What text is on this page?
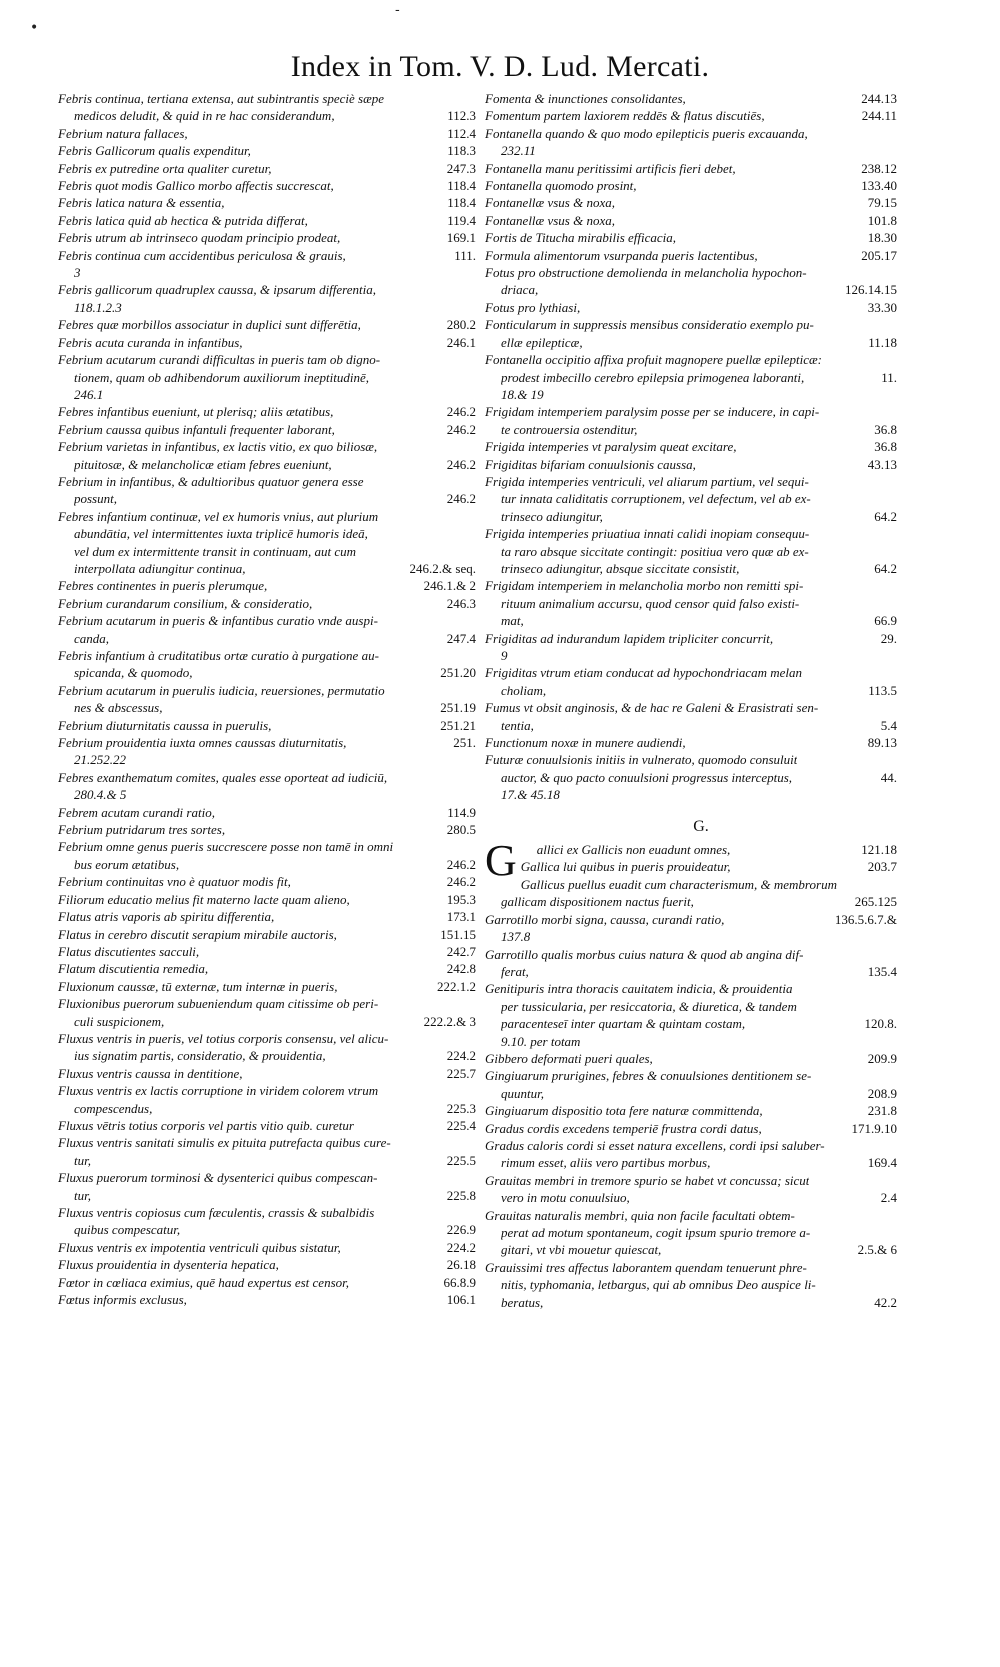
•
-
Index in Tom. V. D. Lud. Mercati.
Febris continua, tertiana extensa, aut subintrantis speciè sæpe
medicos deludit, & quid in re hac considerandum,	112.3
Febrium natura fallaces,	112.4
Febris Gallicorum qualis expenditur,	118.3
Febris ex putredine orta qualiter curetur,	247.3
Febris quot modis Gallico morbo affectis succrescat,	118.4
Febris latica natura & essentia,	118.4
Febris latica quid ab hectica & putrida differat,	119.4
Febris utrum ab intrinseco quodam principio prodeat,	169.1
Febris continua cum accidentibus periculosa & grauis,	111.
3
Febris gallicorum quadruplex caussa, & ipsarum differentia,
118.1.2.3
Febres quæ morbillos associatur in duplici sunt differētia,	280.2
Febris acuta curanda in infantibus,	246.1
Febrium acutarum curandi difficultas in pueris tam ob digno-
tionem, quam ob adhibendorum auxiliorum ineptitudinē,
246.1
Febres infantibus eueniunt, ut plerisq; aliis ætatibus,	246.2
Febrium caussa quibus infantuli frequenter laborant,	246.2
Febrium varietas in infantibus, ex lactis vitio, ex quo biliosæ,
pituitosæ, & melancholicæ etiam febres eueniunt,	246.2
Febrium in infantibus, & adultioribus quatuor genera esse
possunt,	246.2
Febres infantium continuæ, vel ex humoris vnius, aut plurium
abundātia, vel intermittentes iuxta triplicē humoris ideā,
vel dum ex intermittente transit in continuam, aut cum
interpollata adiungitur continua,	246.2.& seq.
Febres continentes in pueris plerumque,	246.1.& 2
Febrium curandarum consilium, & consideratio,	246.3
Febrium acutarum in pueris & infantibus curatio vnde auspi-
canda,	247.4
Febris infantium à cruditatibus ortæ curatio à purgatione au-
spicanda, & quomodo,	251.20
Febrium acutarum in puerulis iudicia, reuersiones, permutatio
nes & abscessus,	251.19
Febrium diuturnitatis caussa in puerulis,	251.21
Febrium prouidentia iuxta omnes caussas diuturnitatis,	251.
21.252.22
Febres exanthematum comites, quales esse oporteat ad iudiciū,
280.4.& 5
Febrem acutam curandi ratio,	114.9
Febrium putridarum tres sortes,	280.5
Febrium omne genus pueris succrescere posse non tamē in omni
bus eorum ætatibus,	246.2
Febrium continuitas vno è quatuor modis fit,	246.2
Filiorum educatio melius fit materno lacte quam alieno,	195.3
Flatus atris vaporis ab spiritu differentia,	173.1
Flatus in cerebro discutit serapium mirabile auctoris,	151.15
Flatus discutientes sacculi,	242.7
Flatum discutientia remedia,	242.8
Fluxionum caussæ, tū externæ, tum internæ in pueris,	222.1.2
Fluxionibus puerorum subueniendum quam citissime ob peri-
culi suspicionem,	222.2.& 3
Fluxus ventris in pueris, vel totius corporis consensu, vel alicu-
ius signatim partis, consideratio, & prouidentia,	224.2
Fluxus ventris caussa in dentitione,	225.7
Fluxus ventris ex lactis corruptione in viridem colorem vtrum
compescendus,	225.3
Fluxus vētris totius corporis vel partis vitio quib. curetur	225.4
Fluxus ventris sanitati simulis ex pituita putrefacta quibus cure-
tur,	225.5
Fluxus puerorum torminosi & dysenterici quibus compescan-
tur,	225.8
Fluxus ventris copiosus cum fæculentis, crassis & subalbidis
quibus compescatur,	226.9
Fluxus ventris ex impotentia ventriculi quibus sistatur,	224.2
Fluxus prouidentia in dysenteria hepatica,	26.18
Fœtor in cœliaca eximius, quē haud expertus est censor,	66.8.9
Fœtus informis exclusus,	106.1
Fomenta & inunctiones consolidantes,	244.13
Fomentum partem laxiorem reddēs & flatus discutiēs,	244.11
Fontanella quando & quo modo epilepticis pueris excauanda,
232.11
Fontanella manu peritissimi artificis fieri debet,	238.12
Fontanella quomodo prosint,	133.40
Fontanellæ vsus & noxa,	79.15
Fontanellæ vsus & noxa,	101.8
Fortis de Titucha mirabilis efficacia,	18.30
Formula alimentorum vsurpanda pueris lactentibus,	205.17
Fotus pro obstructione demolienda in melancholia hypochon-
driaca,	126.14.15
Fotus pro lythiasi,	33.30
Fonticularum in suppressis mensibus consideratio exemplo pu-
ellæ epilepticæ,	11.18
Fontanella occipitio affixa profuit magnopere puellæ epilepticæ:
prodest imbecillo cerebro epilepsia primogenea laboranti,	11.
18.& 19
Frigidam intemperiem paralysim posse per se inducere, in capi-
te controuersia ostenditur,	36.8
Frigida intemperies vt paralysim queat excitare,	36.8
Frigiditas bifariam conuulsionis caussa,	43.13
Frigida intemperies ventriculi, vel aliarum partium, vel sequi-
tur innata caliditatis corruptionem, vel defectum, vel ab ex-
trinseco adiungitur,	64.2
Frigida intemperies priuatiua innati calidi inopiam consequu-
ta raro absque siccitate contingit: positiua vero quæ ab ex-
trinseco adiungitur, absque siccitate consistit,	64.2
Frigidam intemperiem in melancholia morbo non remitti spi-
rituum animalium accursu, quod censor quid falso existi-
mat,	66.9
Frigiditas ad indurandum lapidem tripliciter concurrit,	29.
9
Frigiditas vtrum etiam conducat ad hypochondriacam melan
choliam,	113.5
Fumus vt obsit anginosis, & de hac re Galeni & Erasistrati sen-
tentia,	5.4
Functionum noxæ in munere audiendi,	89.13
Futuræ conuulsionis initiis in vulnerato, quomodo consuluit
auctor, & quo pacto conuulsioni progressus interceptus,	44.
17.& 45.18
G.
G allici ex Gallicis non euadunt omnes,	121.18
Gallica lui quibus in pueris prouideatur,	203.7
Gallicus puellus euadit cum characterismum, & membrorum
gallicam dispositionem nactus fuerit,	265.125
Garrotillo morbi signa, caussa, curandi ratio,	136.5.6.7.&
137.8
Garrotillo qualis morbus cuius natura & quod ab angina dif-
ferat,	135.4
Genitipuris intra thoracis cauitatem indicia, & prouidentia
per tussicularia, per resiccatoria, & diuretica, & tandem
paracenteseī inter quartam & quintam costam,	120.8.
9.10. per totam
Gibbero deformati pueri quales,	209.9
Gingiuarum prurigines, febres & conuulsiones dentitionem se-
quuntur,	208.9
Gingiuarum dispositio tota fere naturæ committenda,	231.8
Gradus cordis excedens temperiē frustra cordi datus,	171.9.10
Gradus caloris cordi si esset natura excellens, cordi ipsi saluber-
rimum esset, aliis vero partibus morbus,	169.4
Grauitas membri in tremore spurio se habet vt concussa; sicut
vero in motu conuulsiuo,	2.4
Grauitas naturalis membri, quia non facile facultati obtem-
perat ad motum spontaneum, cogit ipsum spurio tremore a-
gitari, vt vbi mouetur quiescat,	2.5.& 6
Grauissimi tres affectus laborantem quendam tenuerunt phre-
nitis, typhomania, letbargus, qui ab omnibus Deo auspice li-
beratus,	42.2
